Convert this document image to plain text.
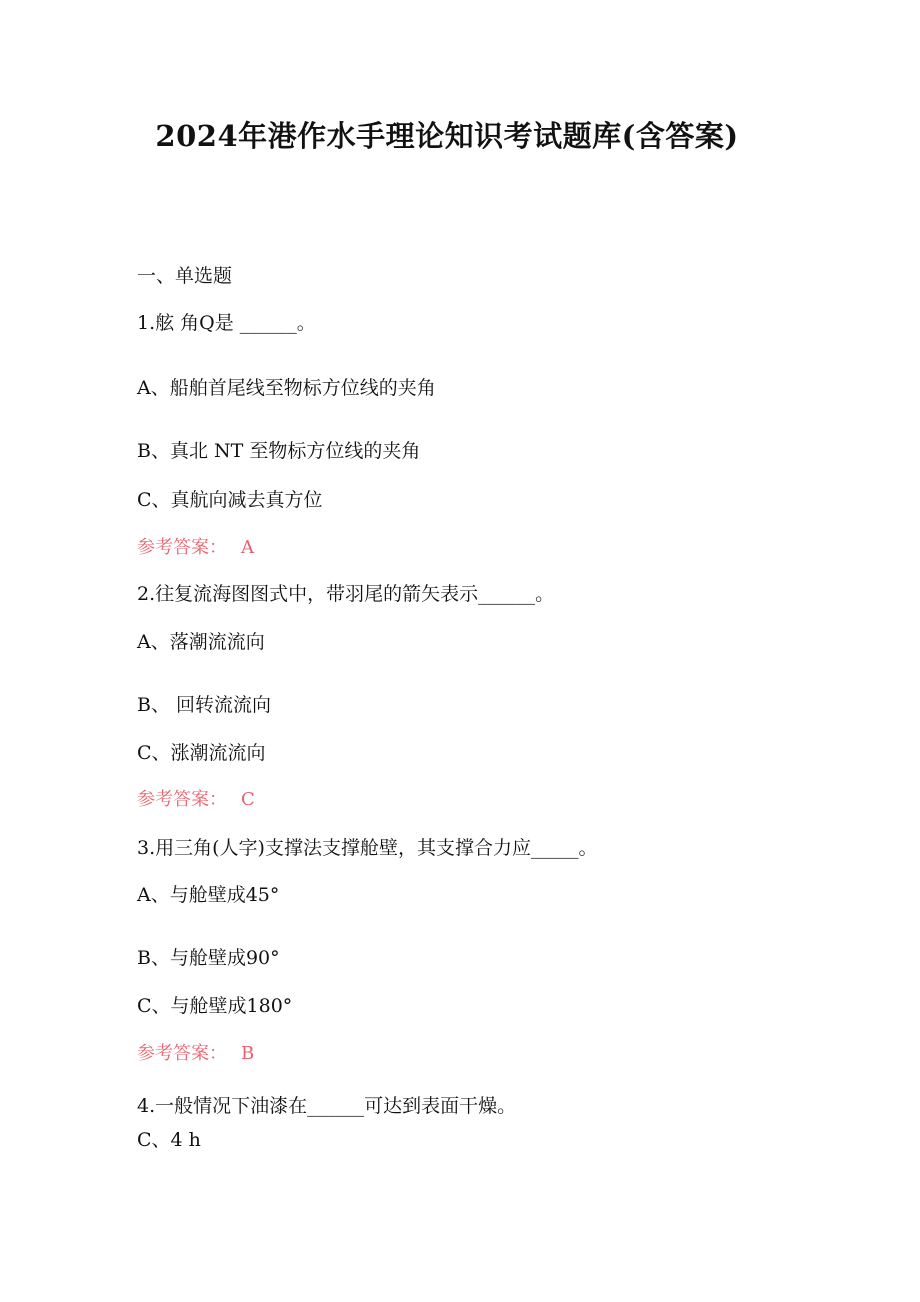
2024年港作水手理论知识考试题库(含答案)
一、单选题
1.舷 角Q是 ______。
A、船舶首尾线至物标方位线的夹角
B、真北 NT 至物标方位线的夹角
C、真航向减去真方位
参考答案： A
2.往复流海图图式中，带羽尾的箭矢表示______。
A、落潮流流向
B、 回转流流向
C、涨潮流流向
参考答案： C
3.用三角(人字)支撑法支撑舱壁，其支撑合力应_____。
A、与舱壁成45°
B、与舱壁成90°
C、与舱壁成180°
参考答案： B
4.一般情况下油漆在______可达到表面干燥。
C、4 h
